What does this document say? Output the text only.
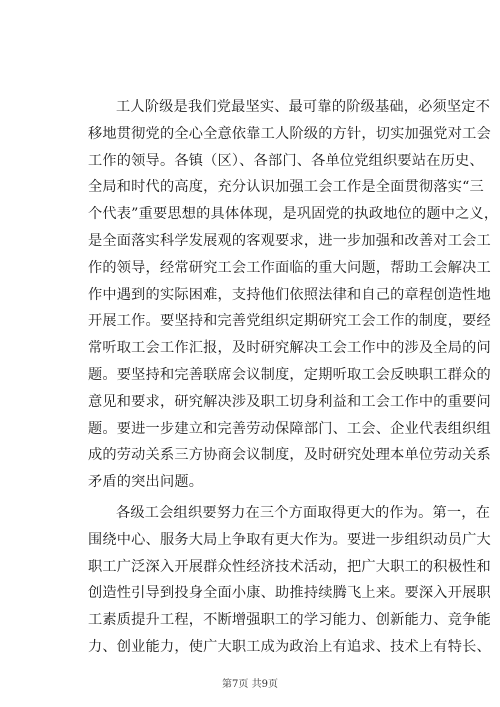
工人阶级是我们党最坚实、最可靠的阶级基础，必须坚定不
移地贯彻党的全心全意依靠工人阶级的方针，切实加强党对工会
工作的领导。各镇（区）、各部门、各单位党组织要站在历史、
全局和时代的高度，充分认识加强工会工作是全面贯彻落实“三
个代表”重要思想的具体体现，是巩固党的执政地位的题中之义，
是全面落实科学发展观的客观要求，进一步加强和改善对工会工
作的领导，经常研究工会工作面临的重大问题，帮助工会解决工
作中遇到的实际困难，支持他们依照法律和自己的章程创造性地
开展工作。要坚持和完善党组织定期研究工会工作的制度，要经
常听取工会工作汇报，及时研究解决工会工作中的涉及全局的问
题。要坚持和完善联席会议制度，定期听取工会反映职工群众的
意见和要求，研究解决涉及职工切身利益和工会工作中的重要问
题。要进一步建立和完善劳动保障部门、工会、企业代表组织组
成的劳动关系三方协商会议制度，及时研究处理本单位劳动关系
矛盾的突出问题。
各级工会组织要努力在三个方面取得更大的作为。第一，在
围绕中心、服务大局上争取有更大作为。要进一步组织动员广大
职工广泛深入开展群众性经济技术活动，把广大职工的积极性和
创造性引导到投身全面小康、助推持续腾飞上来。要深入开展职
工素质提升工程，不断增强职工的学习能力、创新能力、竞争能
力、创业能力，使广大职工成为政治上有追求、技术上有特长、
第7页 共9页
